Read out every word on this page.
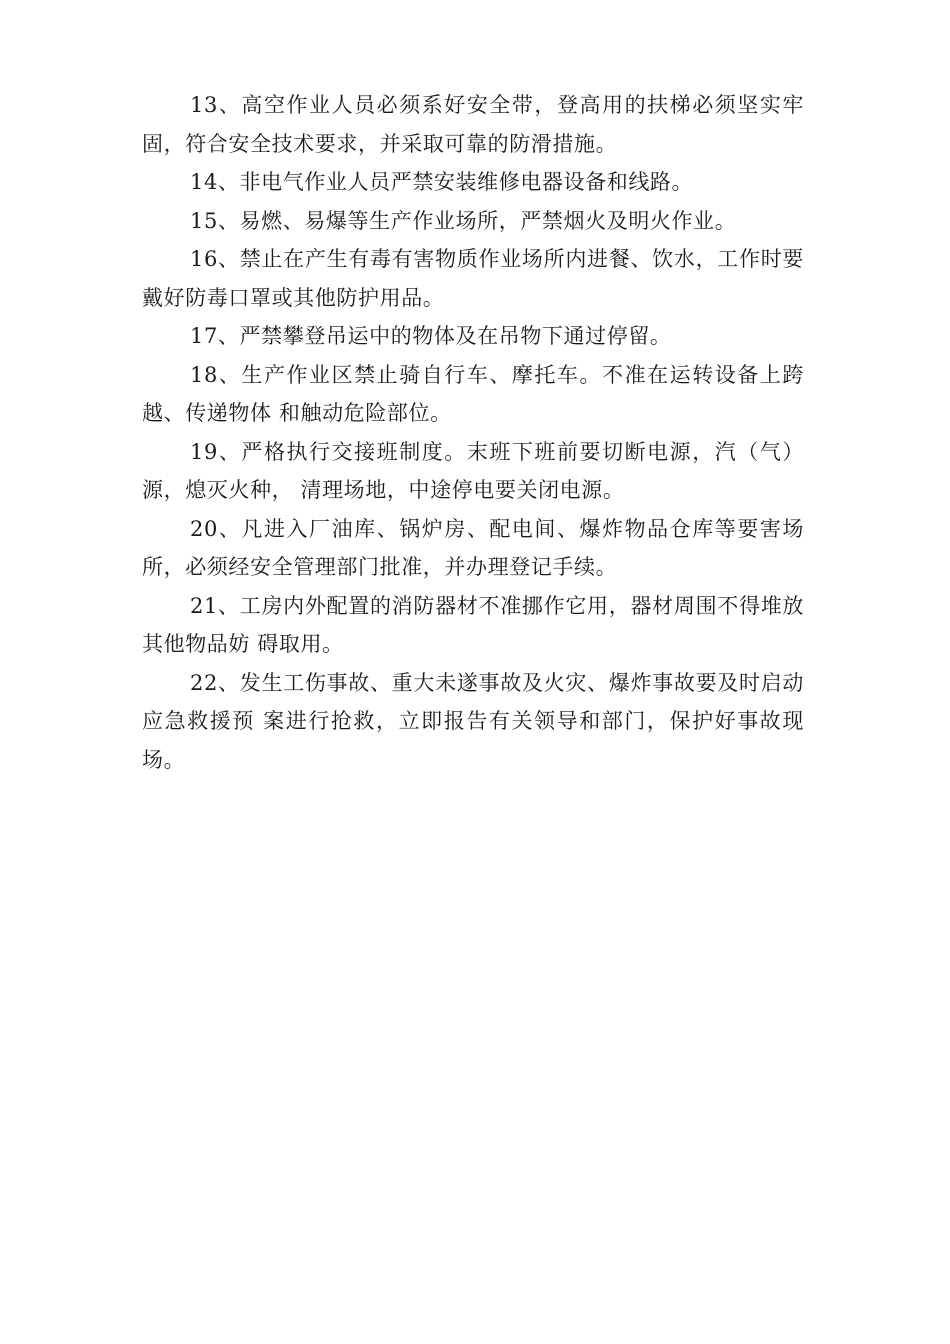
13、高空作业人员必须系好安全带，登高用的扶梯必须坚实牢固，符合安全技术要求，并采取可靠的防滑措施。

14、非电气作业人员严禁安装维修电器设备和线路。

15、易燃、易爆等生产作业场所，严禁烟火及明火作业。

16、禁止在产生有毒有害物质作业场所内进餐、饮水，工作时要戴好防毒口罩或其他防护用品。

17、严禁攀登吊运中的物体及在吊物下通过停留。

18、生产作业区禁止骑自行车、摩托车。不准在运转设备上跨越、传递物体 和触动危险部位。

19、严格执行交接班制度。末班下班前要切断电源，汽（气）源，熄灭火种， 清理场地，中途停电要关闭电源。

20、凡进入厂油库、锅炉房、配电间、爆炸物品仓库等要害场所，必须经安全管理部门批准，并办理登记手续。

21、工房内外配置的消防器材不准挪作它用，器材周围不得堆放其他物品妨 碍取用。

22、发生工伤事故、重大未遂事故及火灾、爆炸事故要及时启动应急救援预 案进行抢救，立即报告有关领导和部门，保护好事故现场。
